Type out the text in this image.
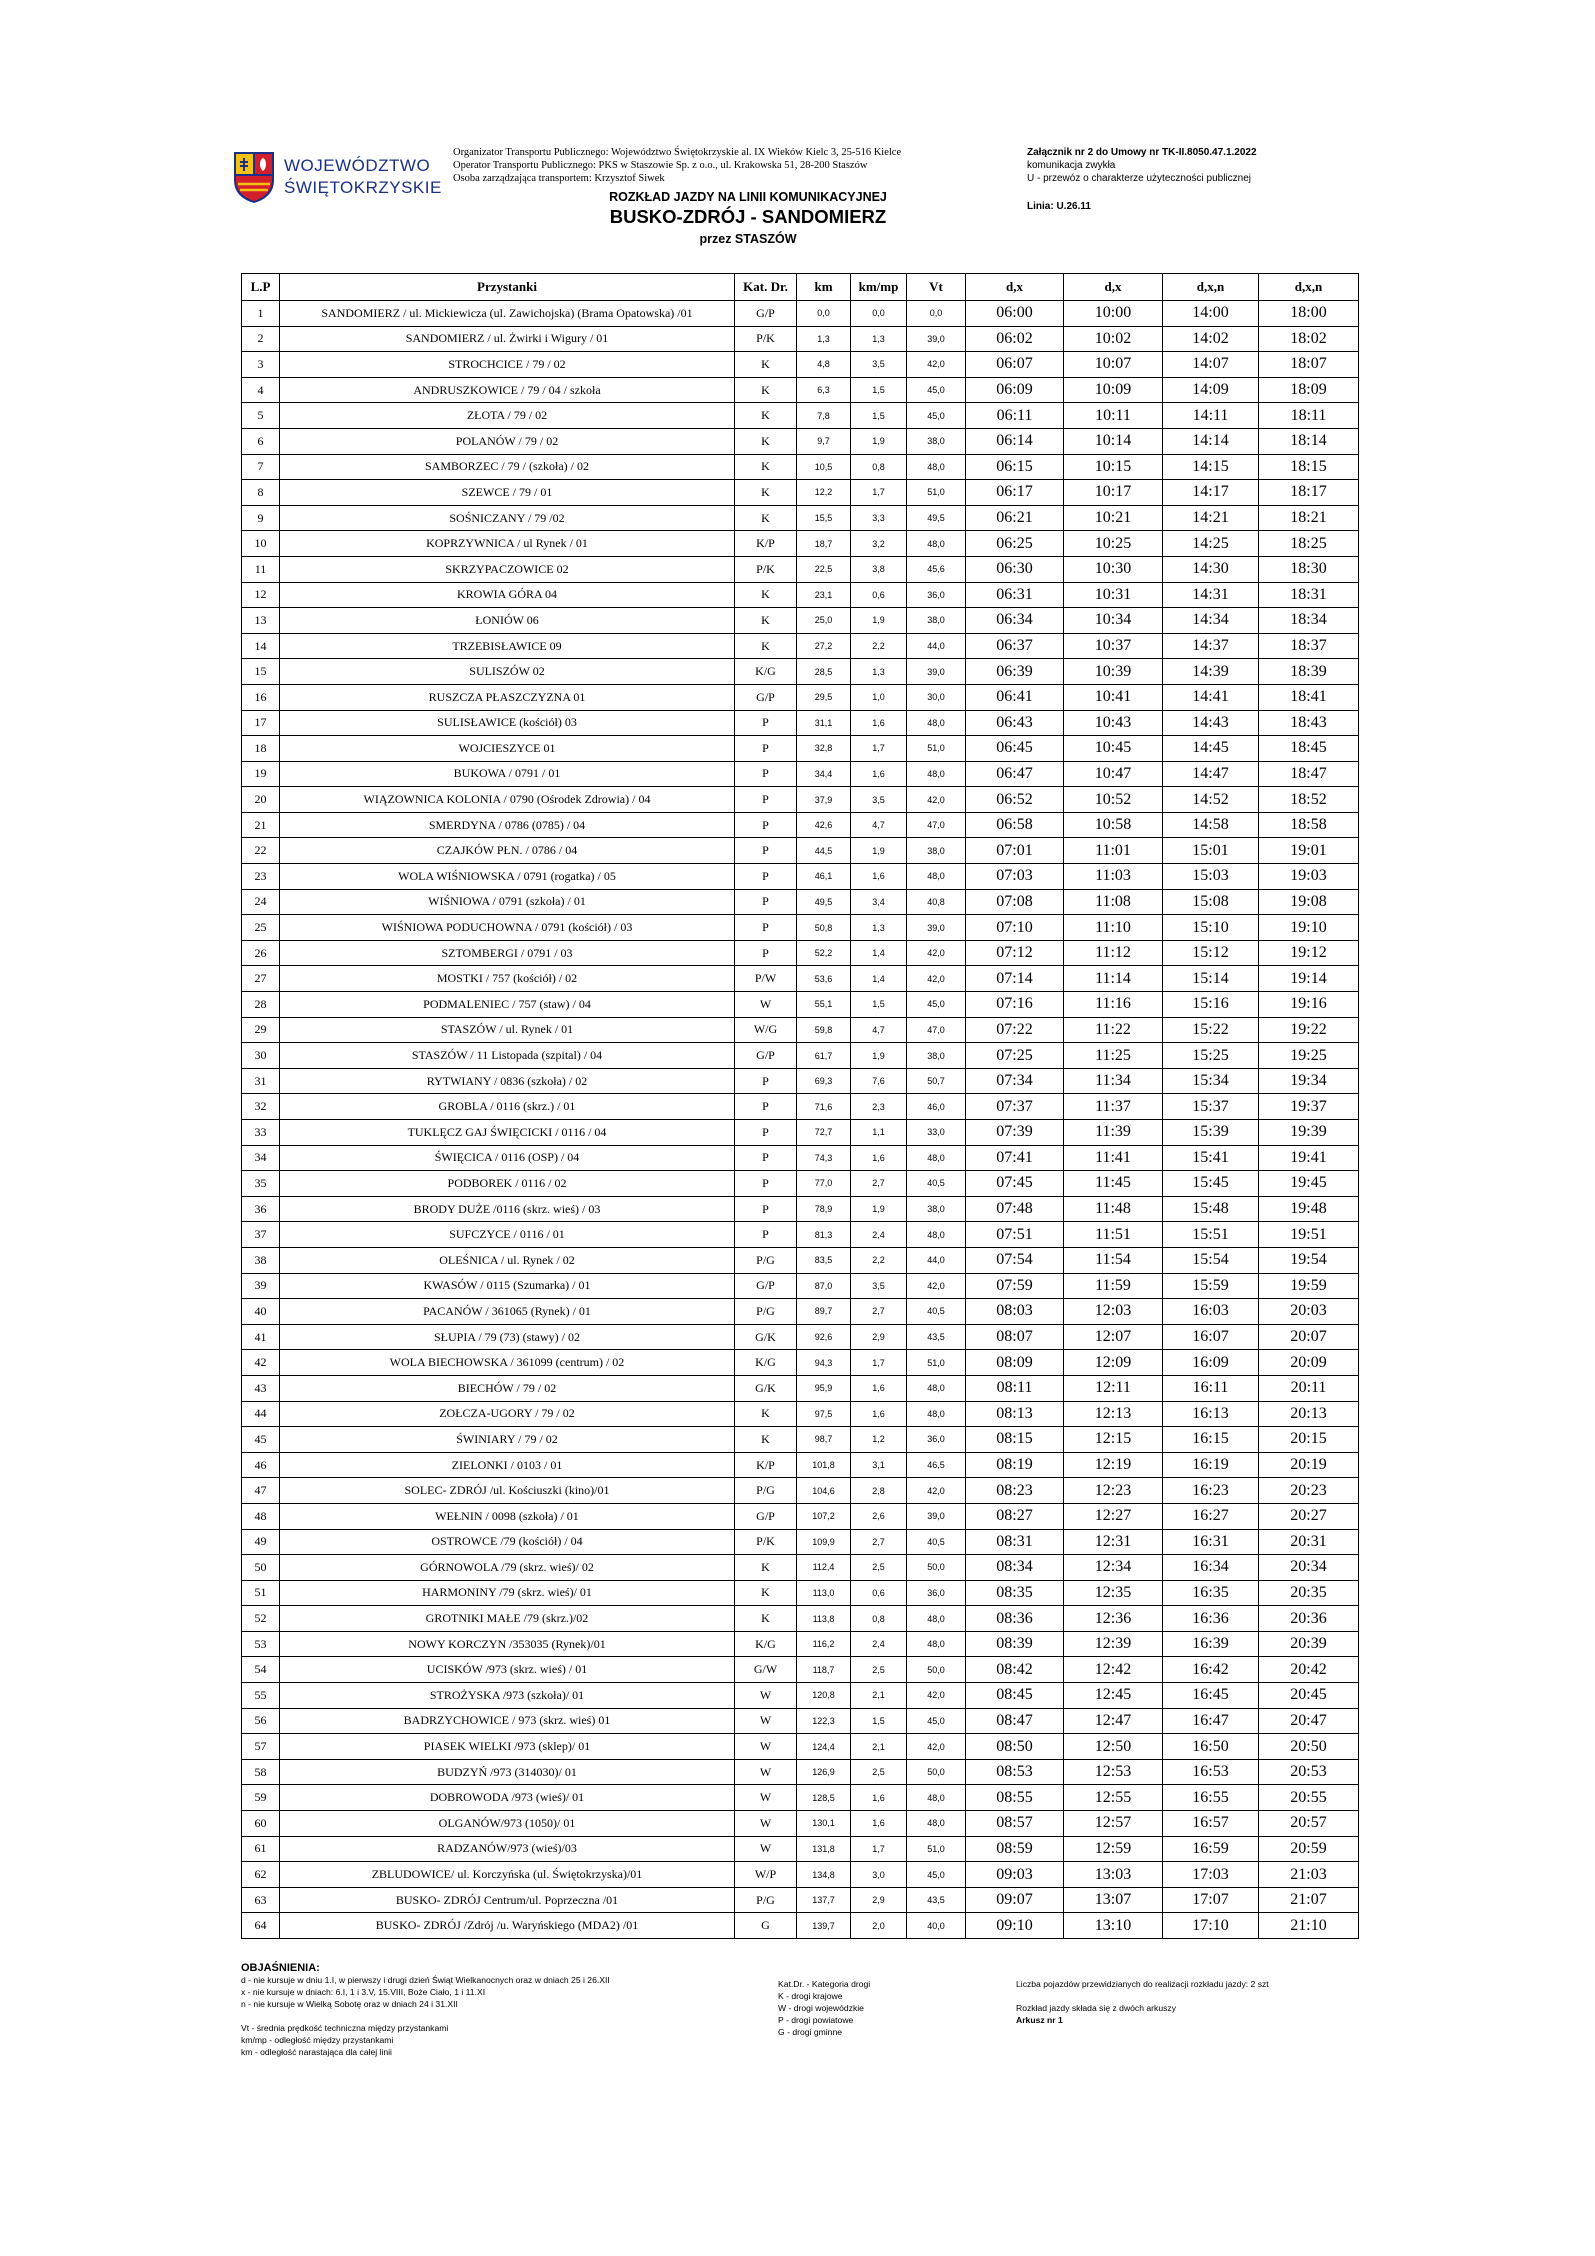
WOJEWÓDZTWO
ŚWIĘTOKRZYSKIE
Organizator Transportu Publicznego: Województwo Świętokrzyskie al. IX Wieków Kielc 3, 25-516 Kielce
Operator Transportu Publicznego: PKS w Staszowie Sp. z o.o., ul. Krakowska 51, 28-200 Staszów
Osoba zarządzająca transportem: Krzysztof Siwek
ROZKŁAD JAZDY NA LINII KOMUNIKACYJNEJ
BUSKO-ZDRÓJ - SANDOMIERZ
przez STASZÓW
Załącznik nr 2 do Umowy nr TK-II.8050.47.1.2022
komunikacja zwykła
U - przewóz o charakterze użyteczności publicznej
Linia: U.26.11
L.P	Przystanki	Kat. Dr.	km	km/mp	Vt	d,x	d,x	d,x,n	d,x,n
1	SANDOMIERZ / ul. Mickiewicza (ul. Zawichojska) (Brama Opatowska) /01	G/P	0,0	0,0	0,0	06:00	10:00	14:00	18:00
2	SANDOMIERZ / ul. Żwirki i Wigury / 01	P/K	1,3	1,3	39,0	06:02	10:02	14:02	18:02
3	STROCHCICE / 79 / 02	K	4,8	3,5	42,0	06:07	10:07	14:07	18:07
4	ANDRUSZKOWICE / 79 / 04 / szkoła	K	6,3	1,5	45,0	06:09	10:09	14:09	18:09
5	ZŁOTA / 79 / 02	K	7,8	1,5	45,0	06:11	10:11	14:11	18:11
6	POLANÓW / 79 / 02	K	9,7	1,9	38,0	06:14	10:14	14:14	18:14
7	SAMBORZEC / 79 / (szkoła) / 02	K	10,5	0,8	48,0	06:15	10:15	14:15	18:15
8	SZEWCE / 79 / 01	K	12,2	1,7	51,0	06:17	10:17	14:17	18:17
9	SOŚNICZANY / 79 /02	K	15,5	3,3	49,5	06:21	10:21	14:21	18:21
10	KOPRZYWNICA / ul Rynek / 01	K/P	18,7	3,2	48,0	06:25	10:25	14:25	18:25
11	SKRZYPACZOWICE 02	P/K	22,5	3,8	45,6	06:30	10:30	14:30	18:30
12	KROWIA GÓRA 04	K	23,1	0,6	36,0	06:31	10:31	14:31	18:31
13	ŁONIÓW 06	K	25,0	1,9	38,0	06:34	10:34	14:34	18:34
14	TRZEBISŁAWICE 09	K	27,2	2,2	44,0	06:37	10:37	14:37	18:37
15	SULISZÓW 02	K/G	28,5	1,3	39,0	06:39	10:39	14:39	18:39
16	RUSZCZA PŁASZCZYZNA 01	G/P	29,5	1,0	30,0	06:41	10:41	14:41	18:41
17	SULISŁAWICE (kościół) 03	P	31,1	1,6	48,0	06:43	10:43	14:43	18:43
18	WOJCIESZYCE 01	P	32,8	1,7	51,0	06:45	10:45	14:45	18:45
19	BUKOWA / 0791 / 01	P	34,4	1,6	48,0	06:47	10:47	14:47	18:47
20	WIĄZOWNICA KOLONIA / 0790 (Ośrodek Zdrowia) / 04	P	37,9	3,5	42,0	06:52	10:52	14:52	18:52
21	SMERDYNA / 0786 (0785) / 04	P	42,6	4,7	47,0	06:58	10:58	14:58	18:58
22	CZAJKÓW PŁN. / 0786 / 04	P	44,5	1,9	38,0	07:01	11:01	15:01	19:01
23	WOLA WIŚNIOWSKA / 0791 (rogatka) / 05	P	46,1	1,6	48,0	07:03	11:03	15:03	19:03
24	WIŚNIOWA / 0791 (szkoła) / 01	P	49,5	3,4	40,8	07:08	11:08	15:08	19:08
25	WIŚNIOWA PODUCHOWNA / 0791 (kościół) / 03	P	50,8	1,3	39,0	07:10	11:10	15:10	19:10
26	SZTOMBERGI / 0791 / 03	P	52,2	1,4	42,0	07:12	11:12	15:12	19:12
27	MOSTKI / 757 (kościół) / 02	P/W	53,6	1,4	42,0	07:14	11:14	15:14	19:14
28	PODMALENIEC / 757 (staw) / 04	W	55,1	1,5	45,0	07:16	11:16	15:16	19:16
29	STASZÓW / ul. Rynek / 01	W/G	59,8	4,7	47,0	07:22	11:22	15:22	19:22
30	STASZÓW / 11 Listopada (szpital) / 04	G/P	61,7	1,9	38,0	07:25	11:25	15:25	19:25
31	RYTWIANY / 0836 (szkoła) / 02	P	69,3	7,6	50,7	07:34	11:34	15:34	19:34
32	GROBLA / 0116 (skrz.) / 01	P	71,6	2,3	46,0	07:37	11:37	15:37	19:37
33	TUKLĘCZ GAJ ŚWIĘCICKI / 0116 / 04	P	72,7	1,1	33,0	07:39	11:39	15:39	19:39
34	ŚWIĘCICA / 0116 (OSP) / 04	P	74,3	1,6	48,0	07:41	11:41	15:41	19:41
35	PODBOREK / 0116 / 02	P	77,0	2,7	40,5	07:45	11:45	15:45	19:45
36	BRODY DUŻE /0116 (skrz. wieś) / 03	P	78,9	1,9	38,0	07:48	11:48	15:48	19:48
37	SUFCZYCE / 0116 / 01	P	81,3	2,4	48,0	07:51	11:51	15:51	19:51
38	OLEŚNICA / ul. Rynek / 02	P/G	83,5	2,2	44,0	07:54	11:54	15:54	19:54
39	KWASÓW / 0115 (Szumarka) / 01	G/P	87,0	3,5	42,0	07:59	11:59	15:59	19:59
40	PACANÓW / 361065 (Rynek) / 01	P/G	89,7	2,7	40,5	08:03	12:03	16:03	20:03
41	SŁUPIA / 79 (73) (stawy) / 02	G/K	92,6	2,9	43,5	08:07	12:07	16:07	20:07
42	WOLA BIECHOWSKA / 361099 (centrum) / 02	K/G	94,3	1,7	51,0	08:09	12:09	16:09	20:09
43	BIECHÓW / 79 / 02	G/K	95,9	1,6	48,0	08:11	12:11	16:11	20:11
44	ZOŁCZA-UGORY / 79 / 02	K	97,5	1,6	48,0	08:13	12:13	16:13	20:13
45	ŚWINIARY / 79 / 02	K	98,7	1,2	36,0	08:15	12:15	16:15	20:15
46	ZIELONKI / 0103 / 01	K/P	101,8	3,1	46,5	08:19	12:19	16:19	20:19
47	SOLEC- ZDRÓJ /ul. Kościuszki (kino)/01	P/G	104,6	2,8	42,0	08:23	12:23	16:23	20:23
48	WEŁNIN / 0098 (szkoła) / 01	G/P	107,2	2,6	39,0	08:27	12:27	16:27	20:27
49	OSTROWCE /79 (kościół) / 04	P/K	109,9	2,7	40,5	08:31	12:31	16:31	20:31
50	GÓRNOWOLA /79 (skrz. wieś)/ 02	K	112,4	2,5	50,0	08:34	12:34	16:34	20:34
51	HARMONINY /79 (skrz. wieś)/ 01	K	113,0	0,6	36,0	08:35	12:35	16:35	20:35
52	GROTNIKI MAŁE /79 (skrz.)/02	K	113,8	0,8	48,0	08:36	12:36	16:36	20:36
53	NOWY KORCZYN /353035 (Rynek)/01	K/G	116,2	2,4	48,0	08:39	12:39	16:39	20:39
54	UCISKÓW /973 (skrz. wieś) / 01	G/W	118,7	2,5	50,0	08:42	12:42	16:42	20:42
55	STROŻYSKA /973 (szkoła)/ 01	W	120,8	2,1	42,0	08:45	12:45	16:45	20:45
56	BADRZYCHOWICE / 973 (skrz. wieś) 01	W	122,3	1,5	45,0	08:47	12:47	16:47	20:47
57	PIASEK WIELKI /973 (sklep)/ 01	W	124,4	2,1	42,0	08:50	12:50	16:50	20:50
58	BUDZYŃ /973 (314030)/ 01	W	126,9	2,5	50,0	08:53	12:53	16:53	20:53
59	DOBROWODA /973 (wieś)/ 01	W	128,5	1,6	48,0	08:55	12:55	16:55	20:55
60	OLGANÓW/973 (1050)/ 01	W	130,1	1,6	48,0	08:57	12:57	16:57	20:57
61	RADZANÓW/973 (wieś)/03	W	131,8	1,7	51,0	08:59	12:59	16:59	20:59
62	ZBLUDOWICE/ ul. Korczyńska (ul. Świętokrzyska)/01	W/P	134,8	3,0	45,0	09:03	13:03	17:03	21:03
63	BUSKO- ZDRÓJ Centrum/ul. Poprzeczna /01	P/G	137,7	2,9	43,5	09:07	13:07	17:07	21:07
64	BUSKO- ZDRÓJ /Zdrój /u. Waryńskiego (MDA2) /01	G	139,7	2,0	40,0	09:10	13:10	17:10	21:10
OBJAŚNIENIA:
d - nie kursuje w dniu 1.I, w pierwszy i drugi dzień Świąt Wielkanocnych oraz w dniach 25 i 26.XII
x - nie kursuje w dniach: 6.I, 1 i 3.V, 15.VIII, Boże Ciało, 1 i 11.XI
n - nie kursuje w Wielką Sobotę oraz w dniach 24 i 31.XII
Vt - średnia prędkość techniczna między przystankami
km/mp - odległość między przystankami
km - odległość narastająca dla całej linii
Kat.Dr. - Kategoria drogi
K - drogi krajowe
W - drogi wojewódzkie
P - drogi powiatowe
G - drogi gminne
Liczba pojazdów przewidzianych do realizacji rozkładu jazdy: 2 szt
Rozkład jazdy składa się z dwóch arkuszy
Arkusz nr 1
